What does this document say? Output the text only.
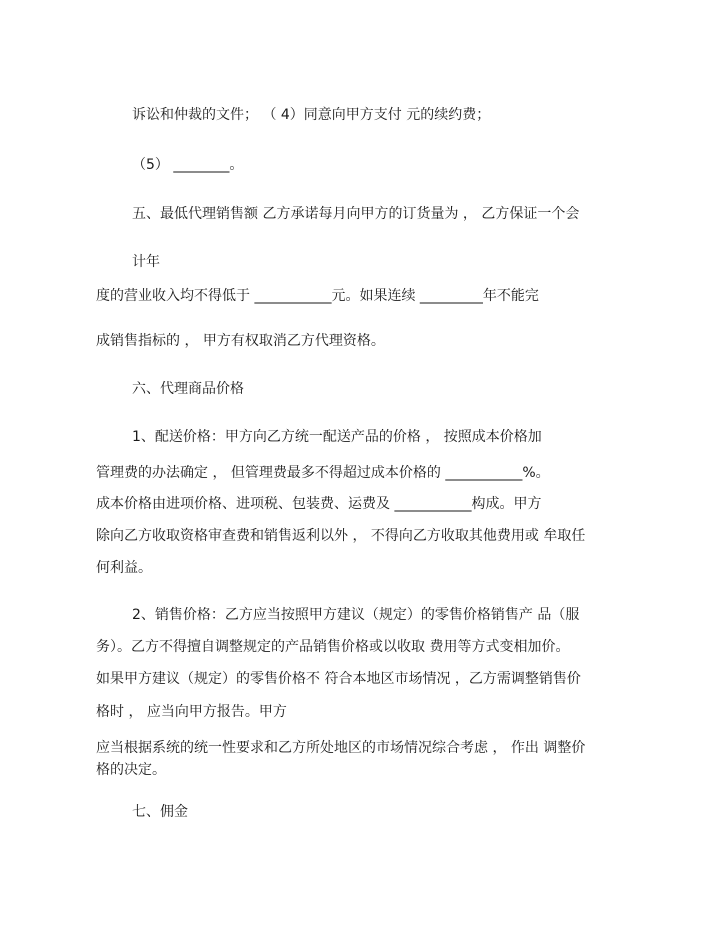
诉讼和仲裁的文件； （ 4）同意向甲方支付 元的续约费；
（5） ________。
五、最低代理销售额 乙方承诺每月向甲方的订货量为 ， 乙方保证一个会
计年
度的营业收入均不得低于 ___________元。如果连续 _________年不能完
成销售指标的 ， 甲方有权取消乙方代理资格。
六、代理商品价格
1、配送价格：甲方向乙方统一配送产品的价格 ， 按照成本价格加
管理费的办法确定 ， 但管理费最多不得超过成本价格的 ___________%。
成本价格由进项价格、进项税、包装费、运费及 ___________构成。甲方
除向乙方收取资格审查费和销售返利以外 ， 不得向乙方收取其他费用或 牟取任
何利益。
2、销售价格：乙方应当按照甲方建议（规定）的零售价格销售产 品（服
务）。乙方不得擅自调整规定的产品销售价格或以收取 费用等方式变相加价。
如果甲方建议（规定）的零售价格不 符合本地区市场情况 ，乙方需调整销售价
格时 ， 应当向甲方报告。甲方
应当根据系统的统一性要求和乙方所处地区的市场情况综合考虑 ， 作出 调整价
格的决定。
七、佣金
